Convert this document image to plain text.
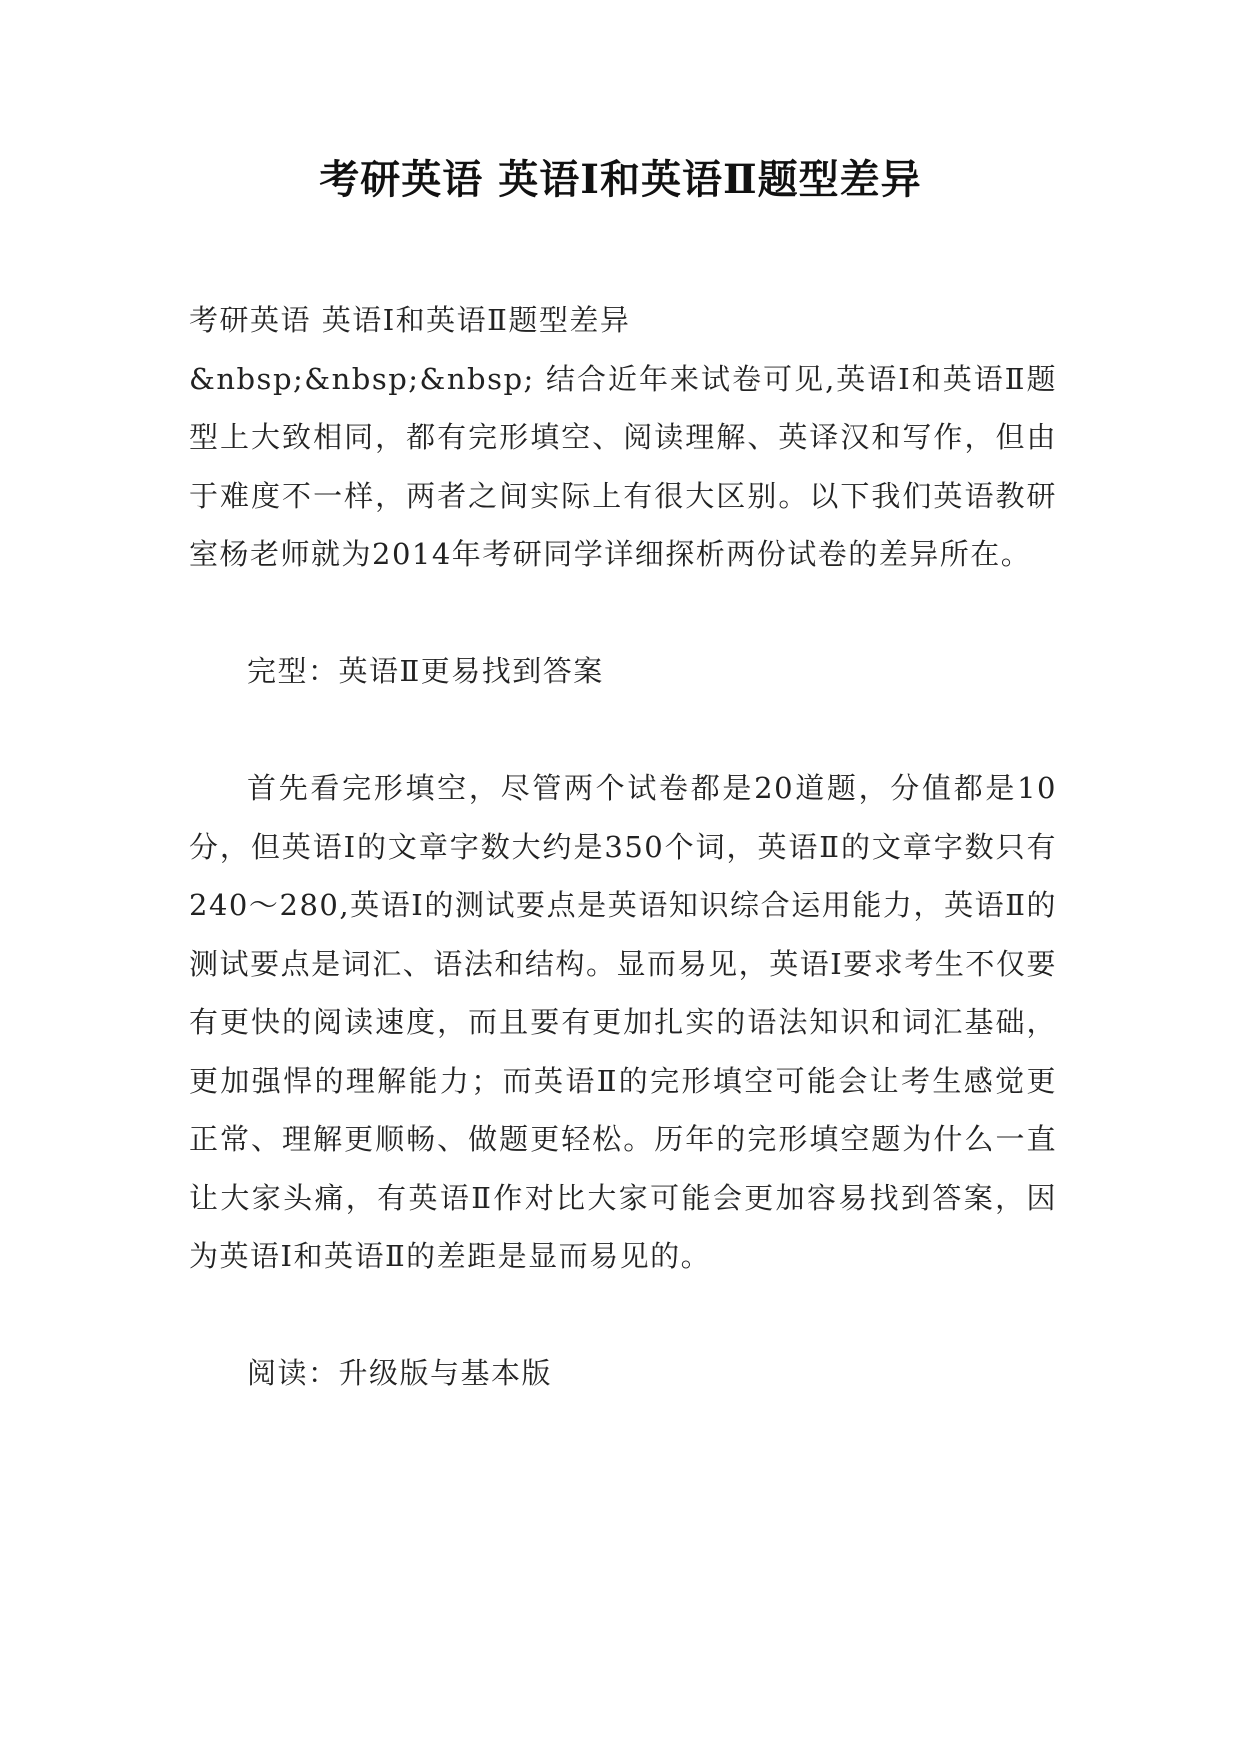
考研英语 英语Ⅰ和英语Ⅱ题型差异

考研英语 英语Ⅰ和英语Ⅱ题型差异

&nbsp;&nbsp;&nbsp; 结合近年来试卷可见,英语Ⅰ和英语Ⅱ题型上大致相同，都有完形填空、阅读理解、英译汉和写作，但由于难度不一样，两者之间实际上有很大区别。以下我们英语教研室杨老师就为2014年考研同学详细探析两份试卷的差异所在。

完型：英语Ⅱ更易找到答案

首先看完形填空，尽管两个试卷都是20道题，分值都是10分，但英语Ⅰ的文章字数大约是350个词，英语Ⅱ的文章字数只有240～280,英语Ⅰ的测试要点是英语知识综合运用能力，英语Ⅱ的测试要点是词汇、语法和结构。显而易见，英语Ⅰ要求考生不仅要有更快的阅读速度，而且要有更加扎实的语法知识和词汇基础，更加强悍的理解能力；而英语Ⅱ的完形填空可能会让考生感觉更正常、理解更顺畅、做题更轻松。历年的完形填空题为什么一直让大家头痛，有英语Ⅱ作对比大家可能会更加容易找到答案，因为英语Ⅰ和英语Ⅱ的差距是显而易见的。

阅读：升级版与基本版
